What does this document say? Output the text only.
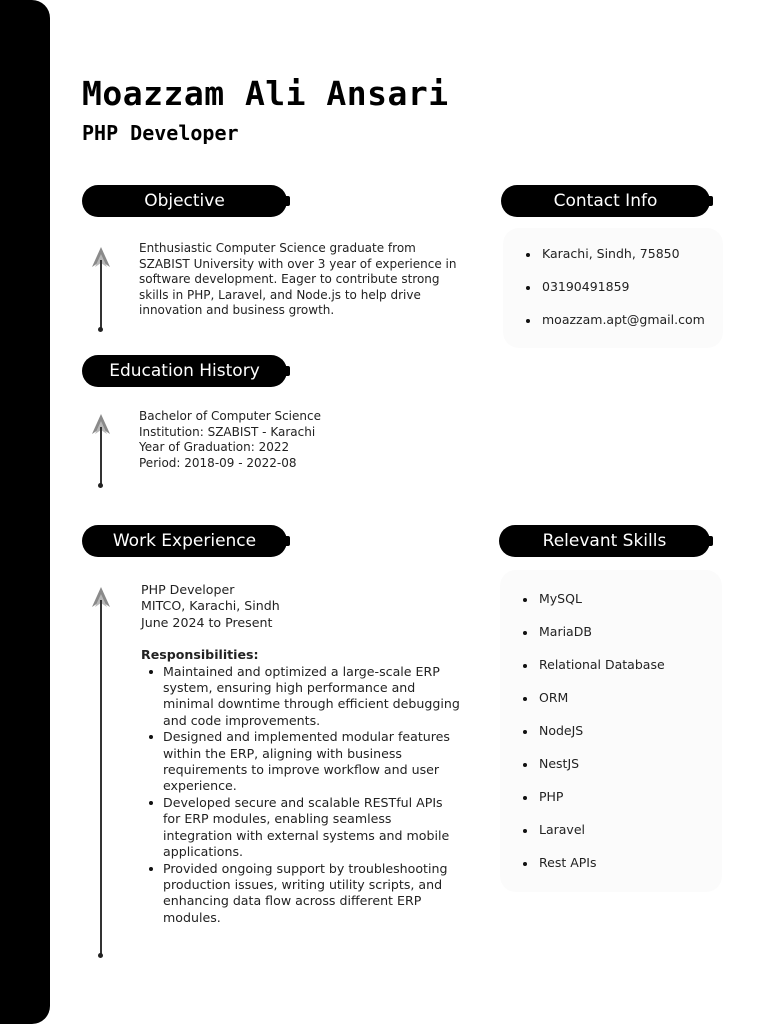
Moazzam Ali Ansari
PHP Developer
Objective

Enthusiastic Computer Science graduate from
SZABIST University with over 3 year of experience in
software development. Eager to contribute strong
skills in PHP, Laravel, and Node.js to help drive
innovation and business growth.

Contact Info
Karachi, Sindh, 75850
03190491859
moazzam.apt@gmail.com
Education History

Bachelor of Computer Science
Institution: SZABIST - Karachi
Year of Graduation: 2022
Period: 2018-09 - 2022-08

Work Experience
PHP Developer
MITCO, Karachi, Sindh
June 2024 to Present
Responsibilities:
Maintained and optimized a large-scale ERP system, ensuring high performance and minimal downtime through efficient debugging and code improvements.
Designed and implemented modular features within the ERP, aligning with business requirements to improve workflow and user experience.
Developed secure and scalable RESTful APIs for ERP modules, enabling seamless integration with external systems and mobile applications.
Provided ongoing support by troubleshooting production issues, writing utility scripts, and enhancing data flow across different ERP modules.
Relevant Skills
MySQL
MariaDB
Relational Database
ORM
NodeJS
NestJS
PHP
Laravel
Rest APIs
